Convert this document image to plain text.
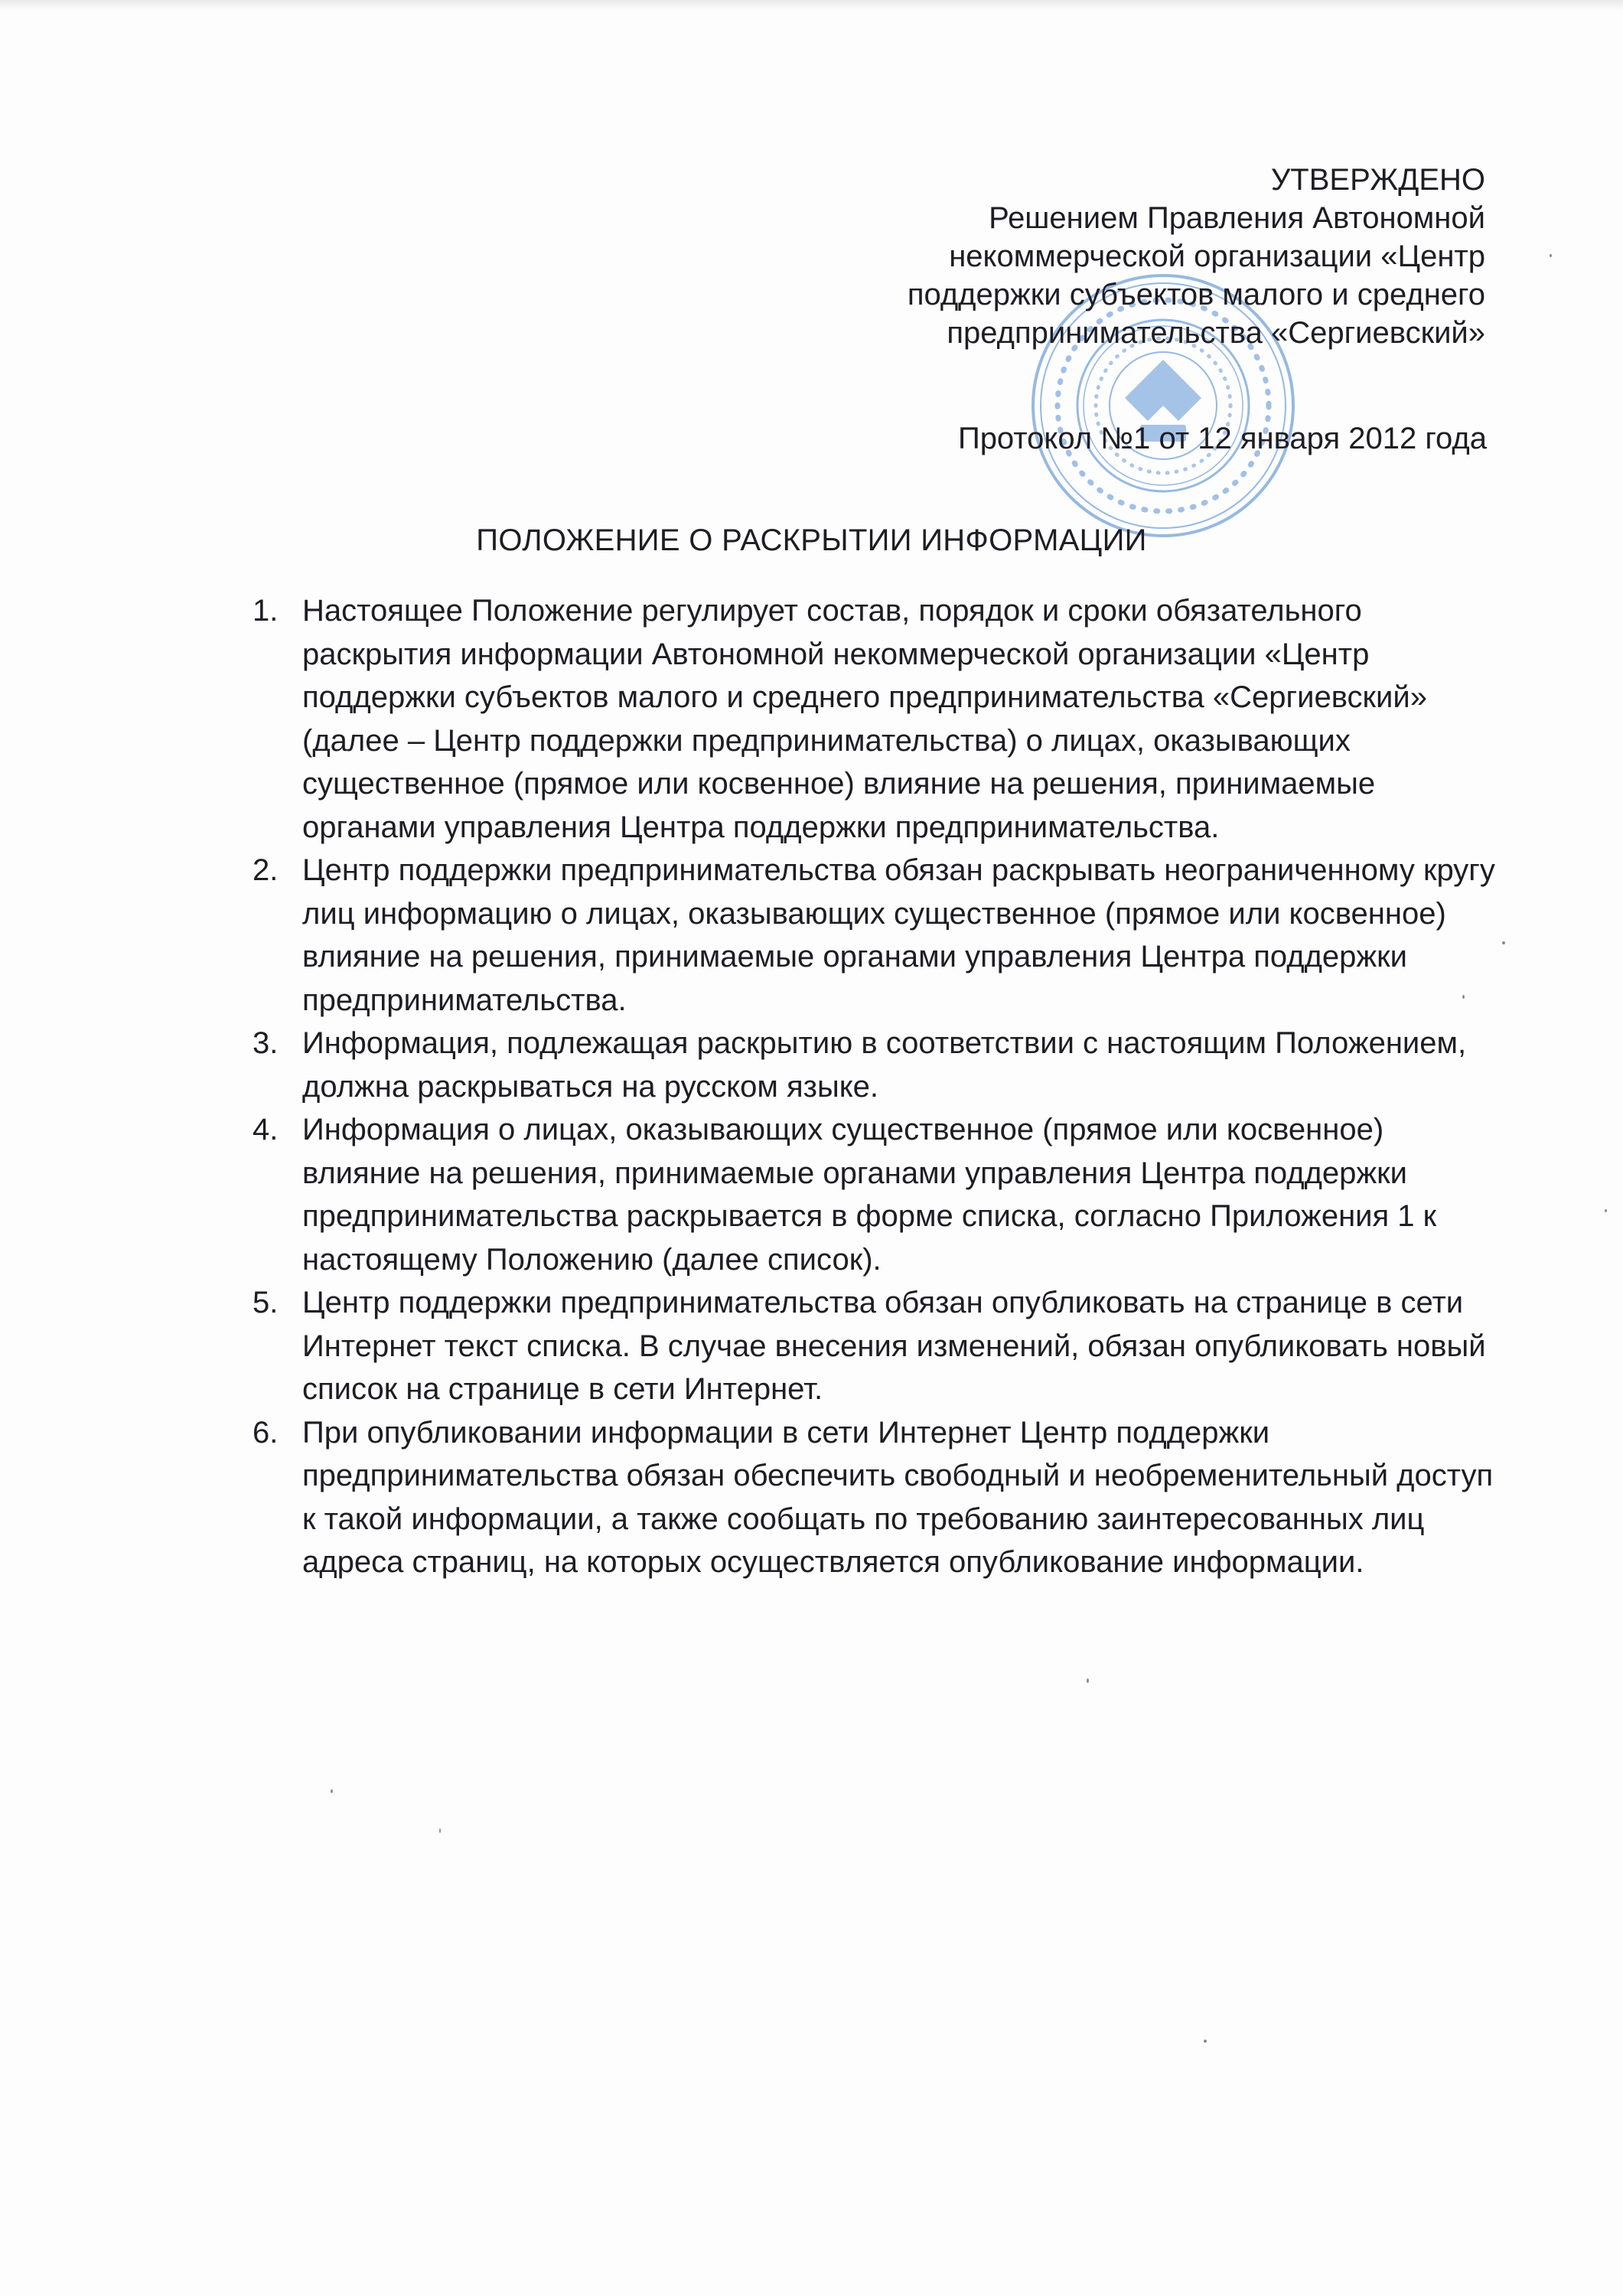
УТВЕРЖДЕНО
Решением Правления Автономной
некоммерческой организации «Центр
поддержки субъектов малого и среднего
предпринимательства «Сергиевский»
Протокол №1 от 12 января 2012 года
ПОЛОЖЕНИЕ О РАСКРЫТИИ ИНФОРМАЦИИ
1. Настоящее Положение регулирует состав, порядок и сроки обязательного раскрытия информации Автономной некоммерческой организации «Центр поддержки субъектов малого и среднего предпринимательства «Сергиевский» (далее – Центр поддержки предпринимательства) о лицах, оказывающих существенное (прямое или косвенное) влияние на решения, принимаемые органами управления Центра поддержки предпринимательства.
2. Центр поддержки предпринимательства обязан раскрывать неограниченному кругу лиц информацию о лицах, оказывающих существенное (прямое или косвенное) влияние на решения, принимаемые органами управления Центра поддержки предпринимательства.
3. Информация, подлежащая раскрытию в соответствии с настоящим Положением, должна раскрываться на русском языке.
4. Информация о лицах, оказывающих существенное (прямое или косвенное) влияние на решения, принимаемые органами управления Центра поддержки предпринимательства раскрывается в форме списка, согласно Приложения 1 к настоящему Положению (далее список).
5. Центр поддержки предпринимательства обязан опубликовать на странице в сети Интернет текст списка. В случае внесения изменений, обязан опубликовать новый список на странице в сети Интернет.
6. При опубликовании информации в сети Интернет Центр поддержки предпринимательства обязан обеспечить свободный и необременительный доступ к такой информации, а также сообщать по требованию заинтересованных лиц адреса страниц, на которых осуществляется опубликование информации.
